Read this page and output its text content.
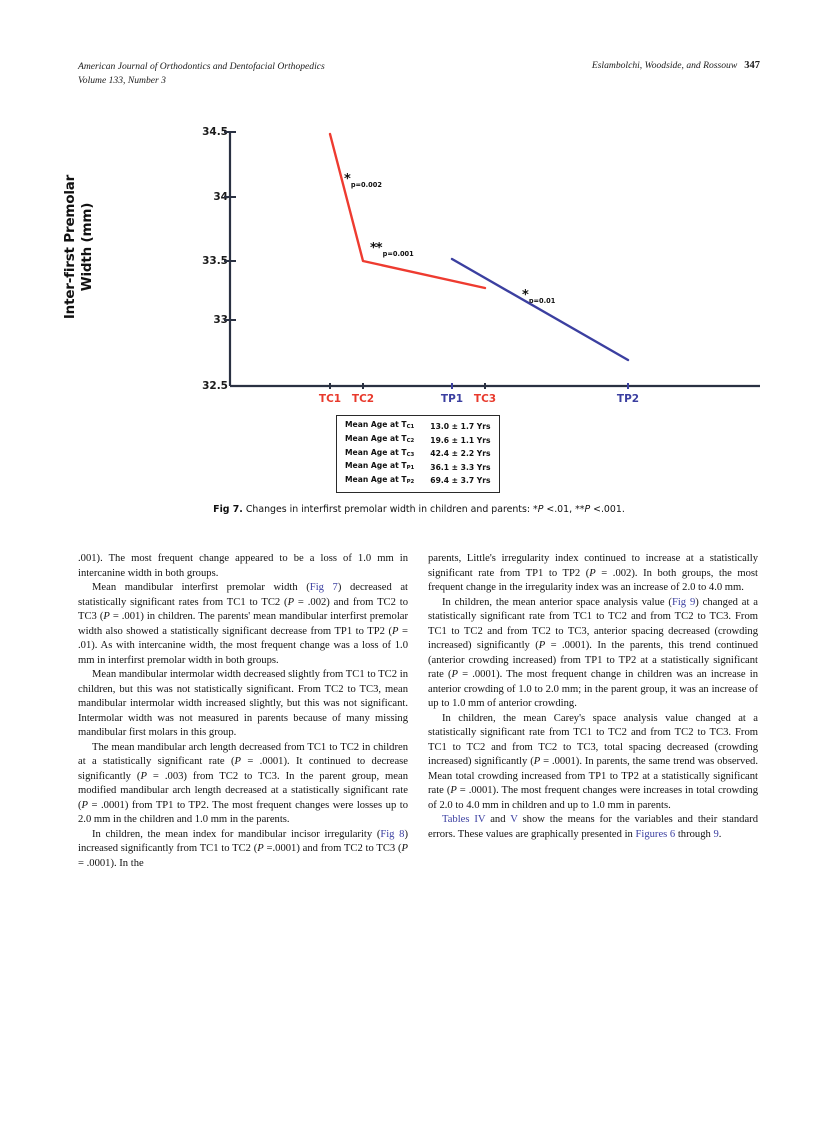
American Journal of Orthodontics and Dentofacial Orthopedics
Volume 133, Number 3
Eslambolchi, Woodside, and Rossouw 347
Inter-first Premolar Width (mm)
34.5
34
33.5
33
32.5
TC1	TC2	TP1	TC3	TP2
*p=0.002
**p=0.001
*p=0.01
Mean Age at $T_{C1}$	13.0 ± 1.7 Yrs
Mean Age at $T_{C2}$	19.6 ± 1.1 Yrs
Mean Age at $T_{C3}$	42.4 ± 2.2 Yrs
Mean Age at $T_{P1}$	36.1 ± 3.3 Yrs
Mean Age at $T_{P2}$	69.4 ± 3.7 Yrs
Fig 7. Changes in interfirst premolar width in children and parents: *P <.01, **P <.001.

.001). The most frequent change appeared to be a loss of 1.0 mm in intercanine width in both groups.

Mean mandibular interfirst premolar width (Fig 7) decreased at statistically significant rates from TC1 to TC2 (P = .002) and from TC2 to TC3 (P = .001) in children. The parents' mean mandibular interfirst premolar width also showed a statistically significant decrease from TP1 to TP2 (P = .01). As with intercanine width, the most frequent change was a loss of 1.0 mm in interfirst premolar width in both groups.

Mean mandibular intermolar width decreased slightly from TC1 to TC2 in children, but this was not statistically significant. From TC2 to TC3, mean mandibular intermolar width increased slightly, but this was not significant. Intermolar width was not measured in parents because of many missing mandibular first molars in this group.

The mean mandibular arch length decreased from TC1 to TC2 in children at a statistically significant rate (P = .0001). It continued to decrease significantly (P = .003) from TC2 to TC3. In the parent group, mean modified mandibular arch length decreased at a statistically significant rate (P = .0001) from TP1 to TP2. The most frequent changes were losses up to 2.0 mm in the children and 1.0 mm in the parents.

In children, the mean index for mandibular incisor irregularity (Fig 8) increased significantly from TC1 to TC2 (P =.0001) and from TC2 to TC3 (P = .0001). In the

parents, Little's irregularity index continued to increase at a statistically significant rate from TP1 to TP2 (P = .002). In both groups, the most frequent change in the irregularity index was an increase of 2.0 to 4.0 mm.

In children, the mean anterior space analysis value (Fig 9) changed at a statistically significant rate from TC1 to TC2 and from TC2 to TC3. From TC1 to TC2 and from TC2 to TC3, anterior spacing decreased (crowding increased) significantly (P = .0001). In the parents, this trend continued (anterior crowding increased) from TP1 to TP2 at a statistically significant rate (P = .0001). The most frequent change in children was an increase in anterior crowding of 1.0 to 2.0 mm; in the parent group, it was an increase of up to 1.0 mm of anterior crowding.

In children, the mean Carey's space analysis value changed at a statistically significant rate from TC1 to TC2 and from TC2 to TC3. From TC1 to TC2 and from TC2 to TC3, total spacing decreased (crowding increased) significantly (P = .0001). In parents, the same trend was observed. Mean total crowding increased from TP1 to TP2 at a statistically significant rate (P = .0001). The most frequent changes were increases in total crowding of 2.0 to 4.0 mm in children and up to 1.0 mm in parents.

Tables IV and V show the means for the variables and their standard errors. These values are graphically presented in Figures 6 through 9.
